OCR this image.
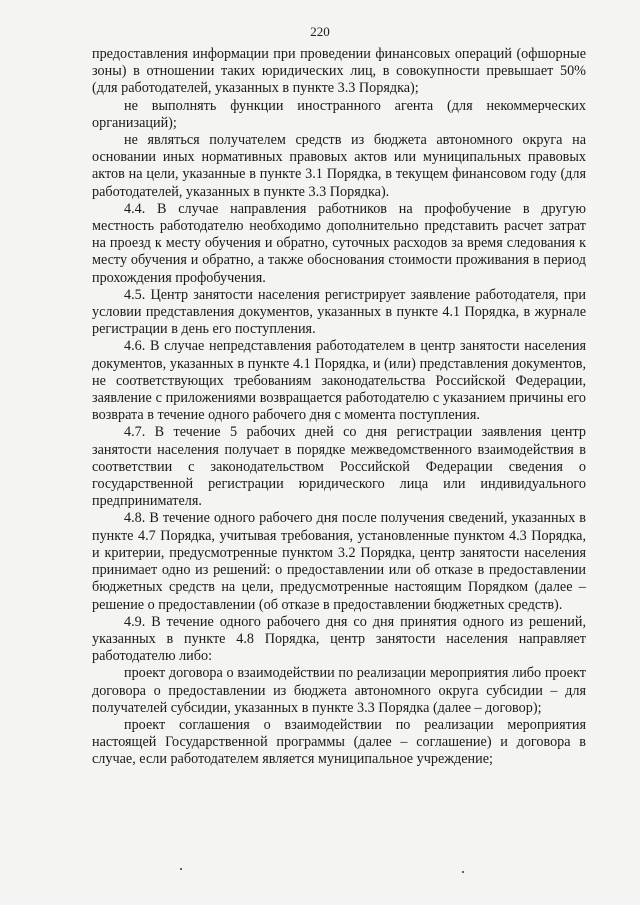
220

предоставления информации при проведении финансовых операций (офшорные зоны) в отношении таких юридических лиц, в совокупности превышает 50% (для работодателей, указанных в пункте 3.3 Порядка);

не выполнять функции иностранного агента (для некоммерческих организаций);

не являться получателем средств из бюджета автономного округа на основании иных нормативных правовых актов или муниципальных правовых актов на цели, указанные в пункте 3.1 Порядка, в текущем финансовом году (для работодателей, указанных в пункте 3.3 Порядка).

4.4. В случае направления работников на профобучение в другую местность работодателю необходимо дополнительно представить расчет затрат на проезд к месту обучения и обратно, суточных расходов за время следования к месту обучения и обратно, а также обоснования стоимости проживания в период прохождения профобучения.

4.5. Центр занятости населения регистрирует заявление работодателя, при условии представления документов, указанных в пункте 4.1 Порядка, в журнале регистрации в день его поступления.

4.6. В случае непредставления работодателем в центр занятости населения документов, указанных в пункте 4.1 Порядка, и (или) представления документов, не соответствующих требованиям законодательства Российской Федерации, заявление с приложениями возвращается работодателю с указанием причины его возврата в течение одного рабочего дня с момента поступления.

4.7. В течение 5 рабочих дней со дня регистрации заявления центр занятости населения получает в порядке межведомственного взаимодействия в соответствии с законодательством Российской Федерации сведения о государственной регистрации юридического лица или индивидуального предпринимателя.

4.8. В течение одного рабочего дня после получения сведений, указанных в пункте 4.7 Порядка, учитывая требования, установленные пунктом 4.3 Порядка, и критерии, предусмотренные пунктом 3.2 Порядка, центр занятости населения принимает одно из решений: о предоставлении или об отказе в предоставлении бюджетных средств на цели, предусмотренные настоящим Порядком (далее – решение о предоставлении (об отказе в предоставлении бюджетных средств).

4.9. В течение одного рабочего дня со дня принятия одного из решений, указанных в пункте 4.8 Порядка, центр занятости населения направляет работодателю либо:

проект договора о взаимодействии по реализации мероприятия либо проект договора о предоставлении из бюджета автономного округа субсидии – для получателей субсидии, указанных в пункте 3.3 Порядка (далее – договор);

проект соглашения о взаимодействии по реализации мероприятия настоящей Государственной программы (далее – соглашение) и договора в случае, если работодателем является муниципальное учреждение;
